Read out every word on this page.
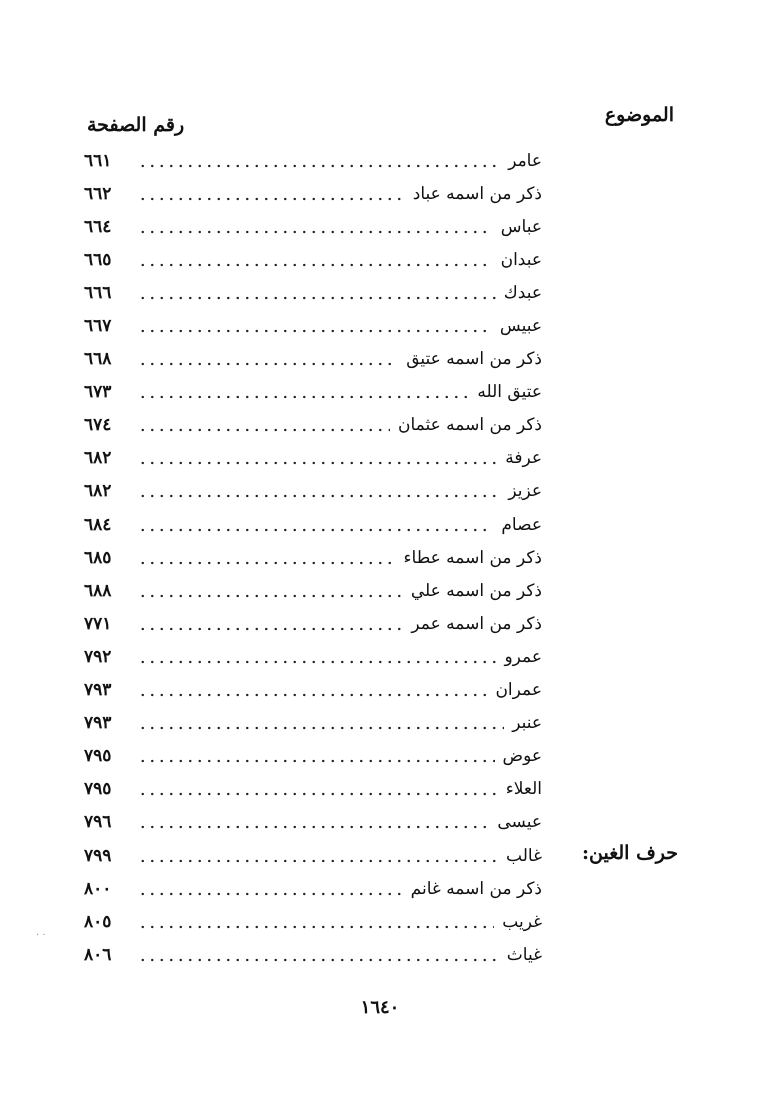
الموضوع
رقم الصفحة
حرف الغين:
٦٦١	عامر
٦٦٢	ذكر من اسمه عباد
٦٦٤	عباس
٦٦٥	عبدان
٦٦٦	عبدك
٦٦٧	عبيس
٦٦٨	ذكر من اسمه عتيق
٦٧٣	عتيق الله
٦٧٤	ذكر من اسمه عثمان
٦٨٢	عرفة
٦٨٢	عزيز
٦٨٤	عصام
٦٨٥	ذكر من اسمه عطاء
٦٨٨	ذكر من اسمه علي
٧٧١	ذكر من اسمه عمر
٧٩٢	عمرو
٧٩٣	عمران
٧٩٣	عنبر
٧٩٥	عوض
٧٩٥	العلاء
٧٩٦	عيسى
٧٩٩	غالب
٨٠٠	ذكر من اسمه غانم
٨٠٥	غريب
٨٠٦	غياث
١٦٤٠
· ·
